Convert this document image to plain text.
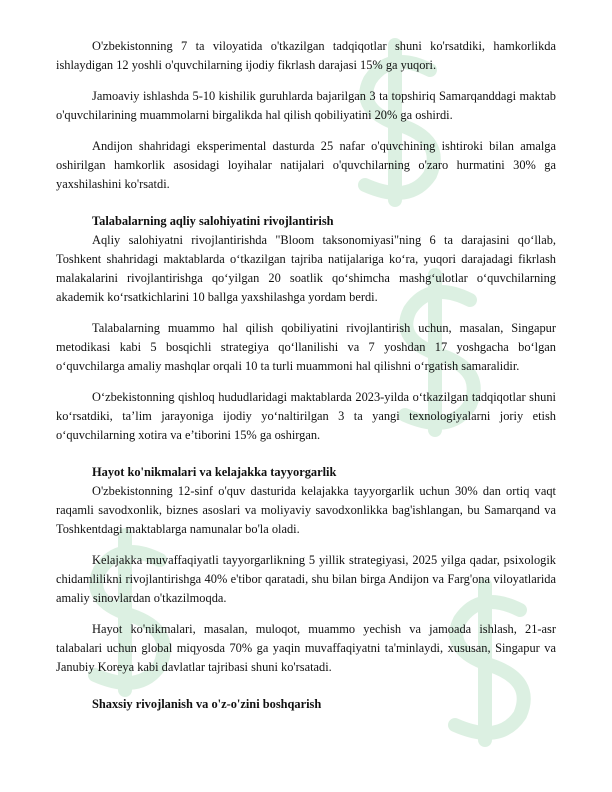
O'zbekistonning 7 ta viloyatida o'tkazilgan tadqiqotlar shuni ko'rsatdiki, hamkorlikda ishlaydigan 12 yoshli o'quvchilarning ijodiy fikrlash darajasi 15% ga yuqori.

Jamoaviy ishlashda 5-10 kishilik guruhlarda bajarilgan 3 ta topshiriq Samarqanddagi maktab o'quvchilarining muammolarni birgalikda hal qilish qobiliyatini 20% ga oshirdi.

Andijon shahridagi eksperimental dasturda 25 nafar o'quvchining ishtiroki bilan amalga oshirilgan hamkorlik asosidagi loyihalar natijalari o'quvchilarning o'zaro hurmatini 30% ga yaxshilashini ko'rsatdi.

Talabalarning aqliy salohiyatini rivojlantirish

Aqliy salohiyatni rivojlantirishda "Bloom taksonomiyasi"ning 6 ta darajasini qo‘llab, Toshkent shahridagi maktablarda o‘tkazilgan tajriba natijalariga ko‘ra, yuqori darajadagi fikrlash malakalarini rivojlantirishga qo‘yilgan 20 soatlik qo‘shimcha mashg‘ulotlar o‘quvchilarning akademik ko‘rsatkichlarini 10 ballga yaxshilashga yordam berdi.

Talabalarning muammo hal qilish qobiliyatini rivojlantirish uchun, masalan, Singapur metodikasi kabi 5 bosqichli strategiya qo‘llanilishi va 7 yoshdan 17 yoshgacha bo‘lgan o‘quvchilarga amaliy mashqlar orqali 10 ta turli muammoni hal qilishni o‘rgatish samaralidir.

O‘zbekistonning qishloq hududlaridagi maktablarda 2023-yilda o‘tkazilgan tadqiqotlar shuni ko‘rsatdiki, ta’lim jarayoniga ijodiy yo‘naltirilgan 3 ta yangi texnologiyalarni joriy etish o‘quvchilarning xotira va e’tiborini 15% ga oshirgan.

Hayot ko'nikmalari va kelajakka tayyorgarlik

O'zbekistonning 12-sinf o'quv dasturida kelajakka tayyorgarlik uchun 30% dan ortiq vaqt raqamli savodxonlik, biznes asoslari va moliyaviy savodxonlikka bag'ishlangan, bu Samarqand va Toshkentdagi maktablarga namunalar bo'la oladi.

Kelajakka muvaffaqiyatli tayyorgarlikning 5 yillik strategiyasi, 2025 yilga qadar, psixologik chidamlilikni rivojlantirishga 40% e'tibor qaratadi, shu bilan birga Andijon va Farg'ona viloyatlarida amaliy sinovlardan o'tkazilmoqda.

Hayot ko'nikmalari, masalan, muloqot, muammo yechish va jamoada ishlash, 21-asr talabalari uchun global miqyosda 70% ga yaqin muvaffaqiyatni ta'minlaydi, xususan, Singapur va Janubiy Koreya kabi davlatlar tajribasi shuni ko'rsatadi.

Shaxsiy rivojlanish va o'z-o'zini boshqarish
